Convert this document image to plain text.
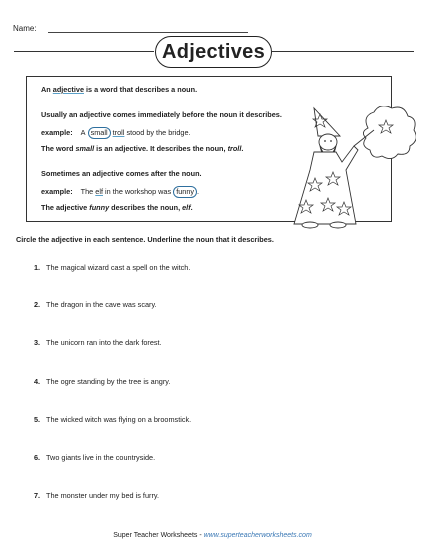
Name:
Adjectives
An adjective is a word that describes a noun.
Usually an adjective comes immediately before the noun it describes.
example: A small troll stood by the bridge.
The word small is an adjective. It describes the noun, troll.
Sometimes an adjective comes after the noun.
example: The elf in the workshop was funny .
The adjective funny describes the noun, elf.
Circle the adjective in each sentence. Underline the noun that it describes.
1. The magical wizard cast a spell on the witch.
2. The dragon in the cave was scary.
3. The unicorn ran into the dark forest.
4. The ogre standing by the tree is angry.
5. The wicked witch was flying on a broomstick.
6. Two giants live in the countryside.
7. The monster under my bed is furry.
Super Teacher Worksheets - www.superteacherworksheets.com
